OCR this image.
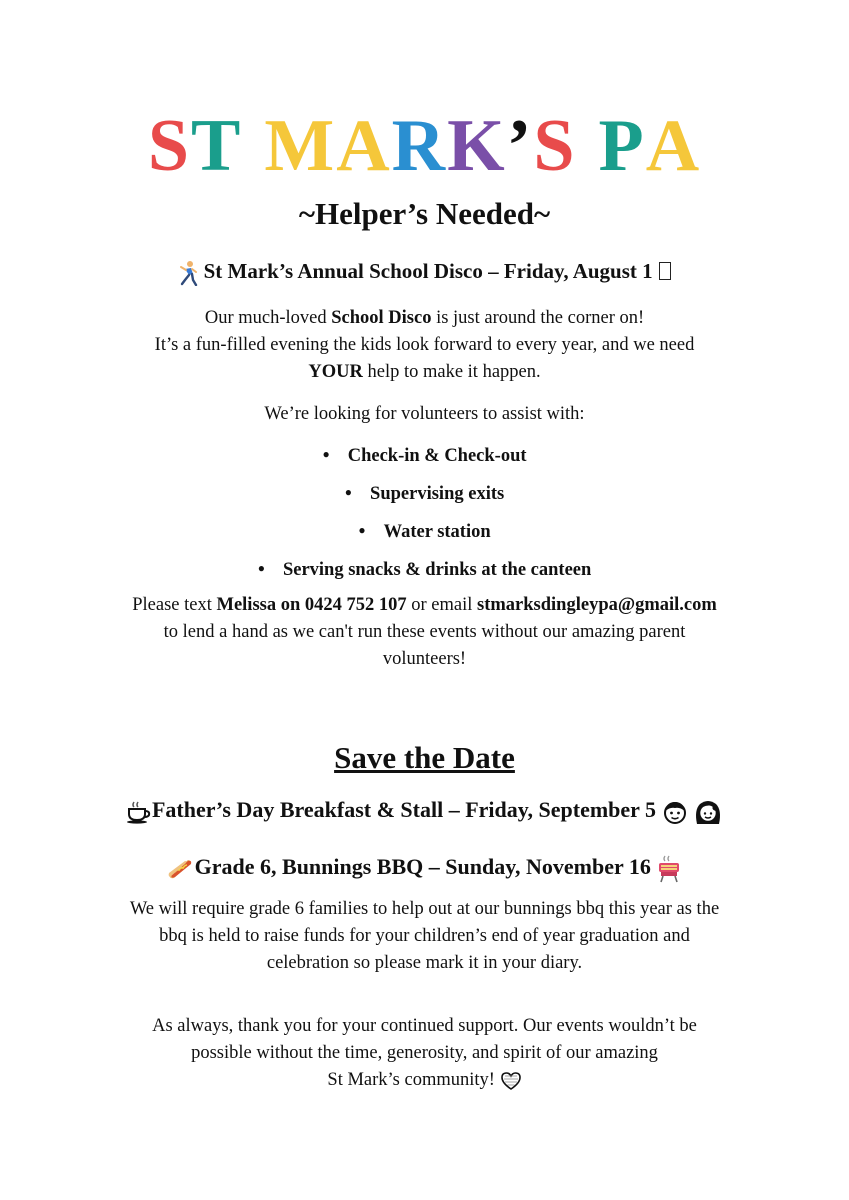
ST MARK’S PA
~Helper’s Needed~
St Mark’s Annual School Disco – Friday, August 1
Our much-loved School Disco is just around the corner on!
It’s a fun-filled evening the kids look forward to every year, and we need
YOUR help to make it happen.
We’re looking for volunteers to assist with:
● Check-in & Check-out
● Supervising exits
● Water station
● Serving snacks & drinks at the canteen
Please text Melissa on 0424 752 107 or email stmarksdingleypa@gmail.com
to lend a hand as we can't run these events without our amazing parent
volunteers!
Save the Date
Father’s Day Breakfast & Stall – Friday, September 5

Grade 6, Bunnings BBQ – Sunday, November 16
We will require grade 6 families to help out at our bunnings bbq this year as the
bbq is held to raise funds for your children’s end of year graduation and
celebration so please mark it in your diary.
As always, thank you for your continued support. Our events wouldn’t be
possible without the time, generosity, and spirit of our amazing
St Mark’s community!
